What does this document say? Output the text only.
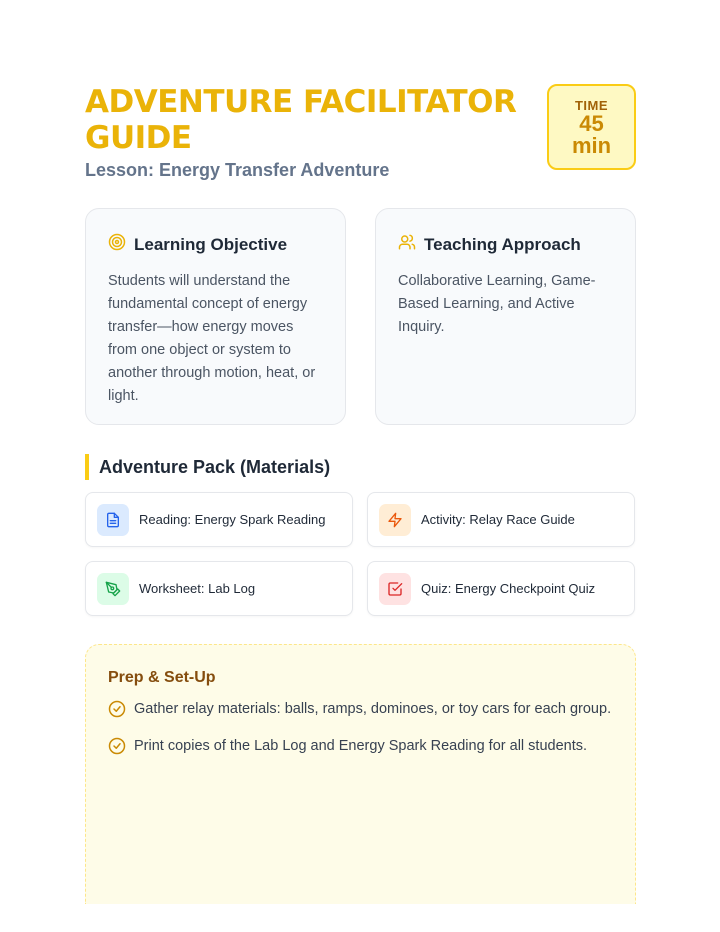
ADVENTURE FACILITATOR GUIDE
Lesson: Energy Transfer Adventure
TIME
45
min
Learning Objective
Students will understand the fundamental concept of energy transfer—how energy moves from one object or system to another through motion, heat, or light.
Teaching Approach
Collaborative Learning, Game-Based Learning, and Active Inquiry.
Adventure Pack (Materials)
Reading: Energy Spark Reading	Activity: Relay Race Guide
Worksheet: Lab Log	Quiz: Energy Checkpoint Quiz
Prep & Set-Up
Gather relay materials: balls, ramps, dominoes, or toy cars for each group.
Print copies of the Lab Log and Energy Spark Reading for all students.
